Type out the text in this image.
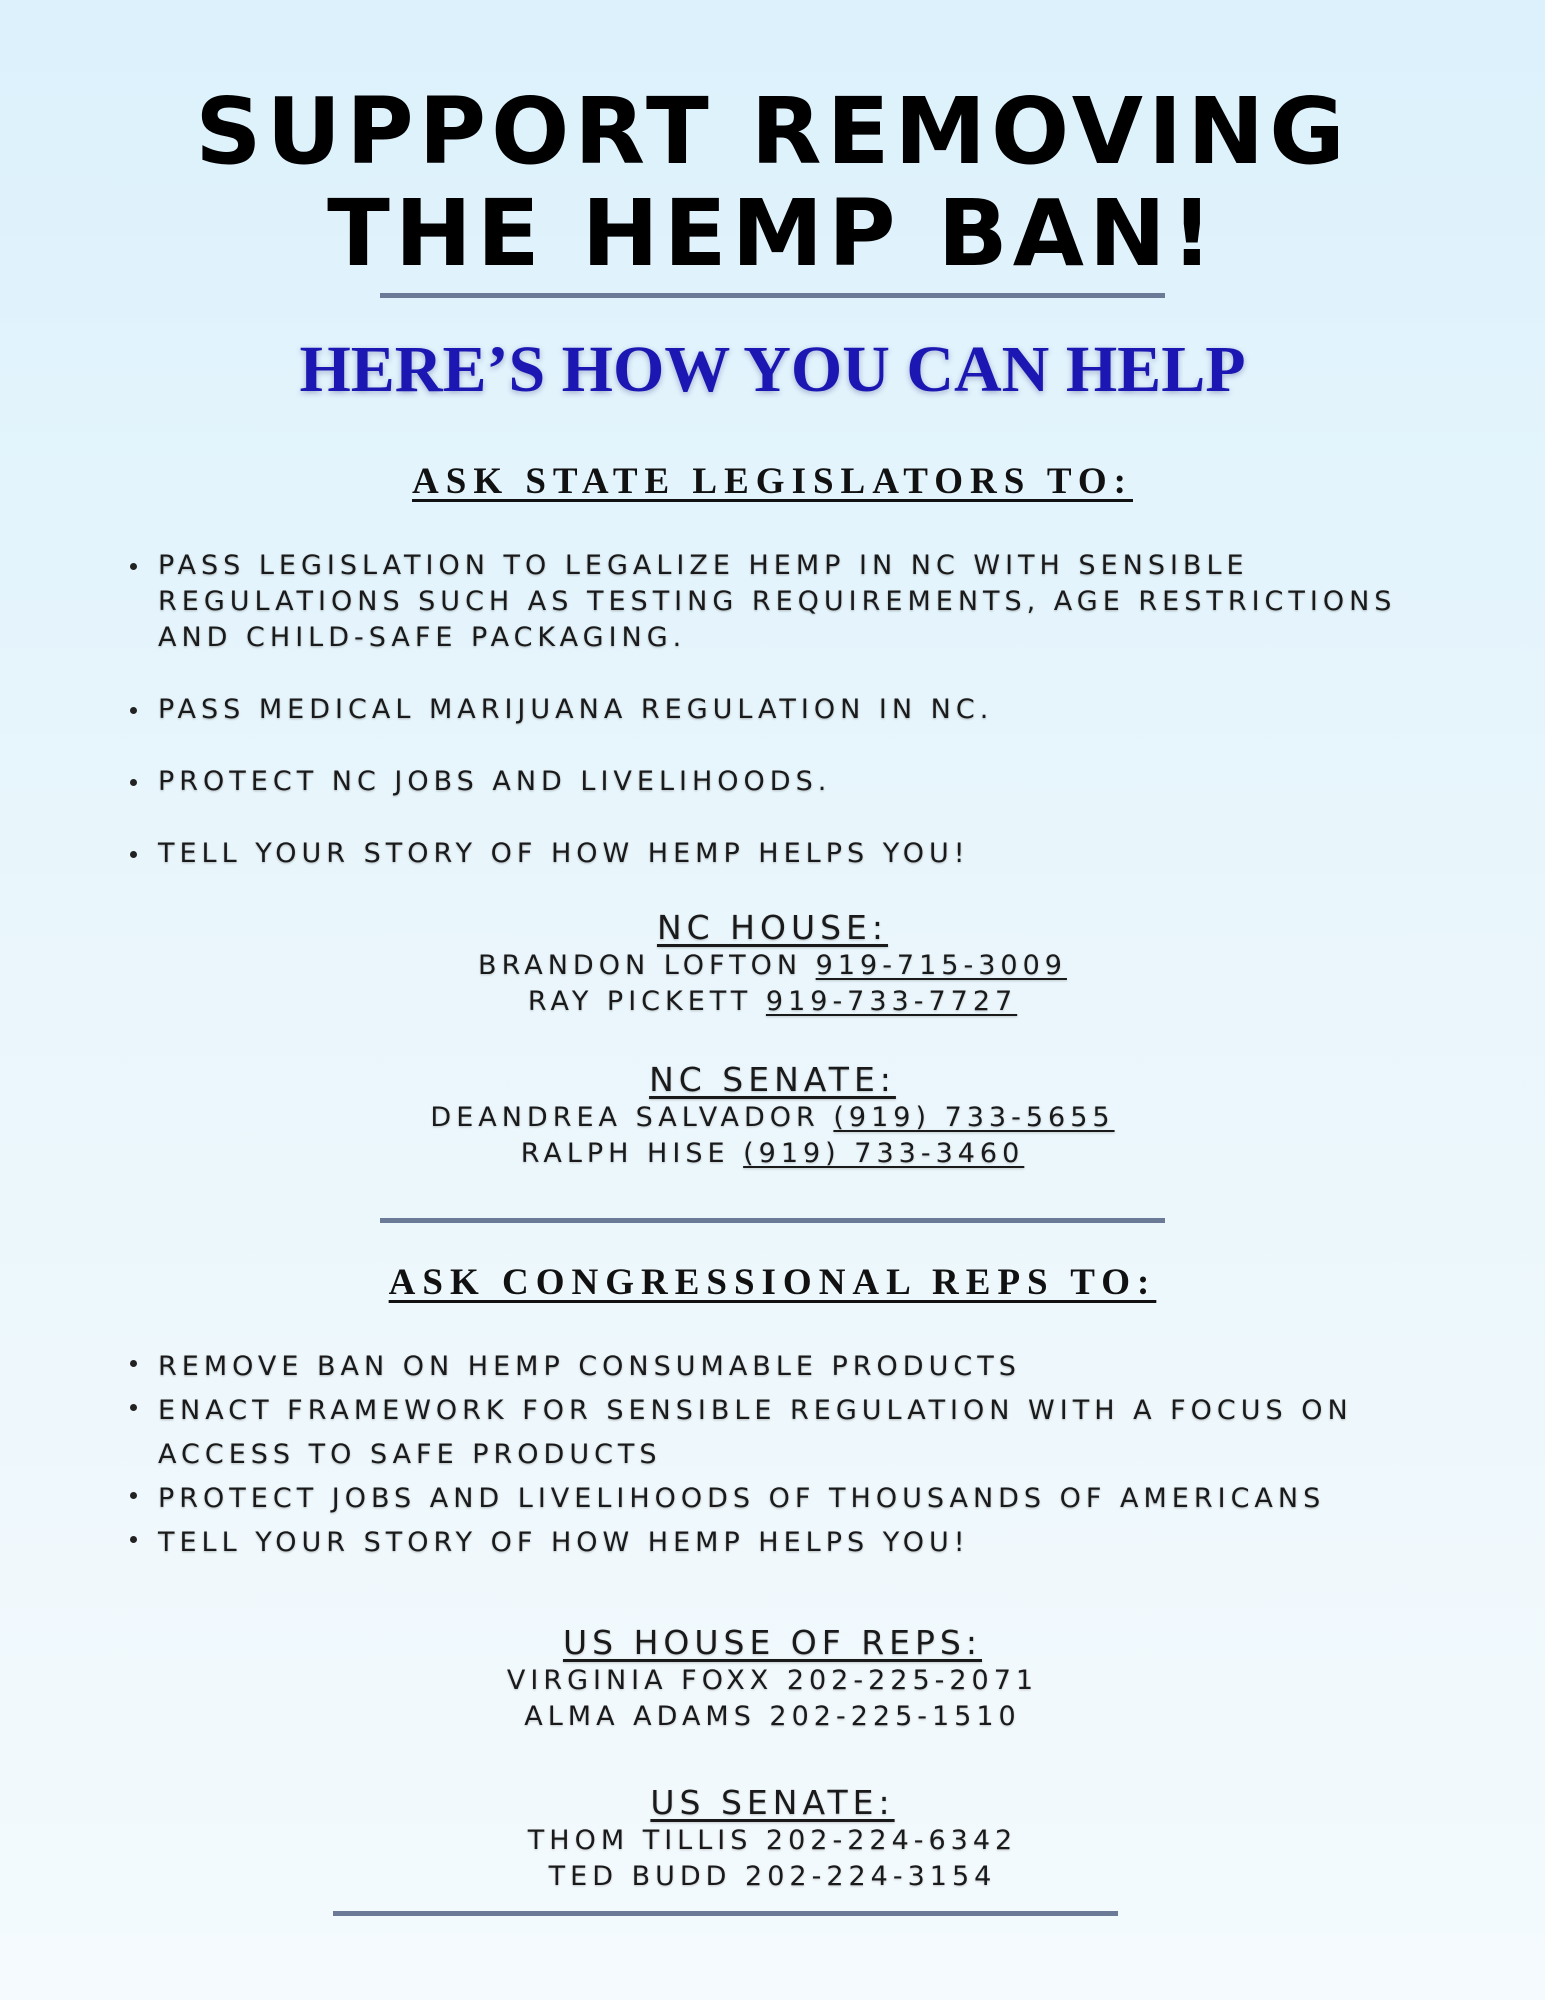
SUPPORT REMOVING
THE HEMP BAN!
HERE’S HOW YOU CAN HELP
ASK STATE LEGISLATORS TO:
PASS LEGISLATION TO LEGALIZE HEMP IN NC WITH SENSIBLE REGULATIONS SUCH AS TESTING REQUIREMENTS, AGE RESTRICTIONS AND CHILD-SAFE PACKAGING.
PASS MEDICAL MARIJUANA REGULATION IN NC.
PROTECT NC JOBS AND LIVELIHOODS.
TELL YOUR STORY OF HOW HEMP HELPS YOU!
NC HOUSE:
BRANDON LOFTON 919-715-3009
RAY PICKETT 919-733-7727
NC SENATE:
DEANDREA SALVADOR (919) 733-5655
RALPH HISE (919) 733-3460
ASK CONGRESSIONAL REPS TO:
REMOVE BAN ON HEMP CONSUMABLE PRODUCTS
ENACT FRAMEWORK FOR SENSIBLE REGULATION WITH A FOCUS ON ACCESS TO SAFE PRODUCTS
PROTECT JOBS AND LIVELIHOODS OF THOUSANDS OF AMERICANS
TELL YOUR STORY OF HOW HEMP HELPS YOU!
US HOUSE OF REPS:
VIRGINIA FOXX 202-225-2071
ALMA ADAMS 202-225-1510
US SENATE:
THOM TILLIS 202-224-6342
TED BUDD 202-224-3154
